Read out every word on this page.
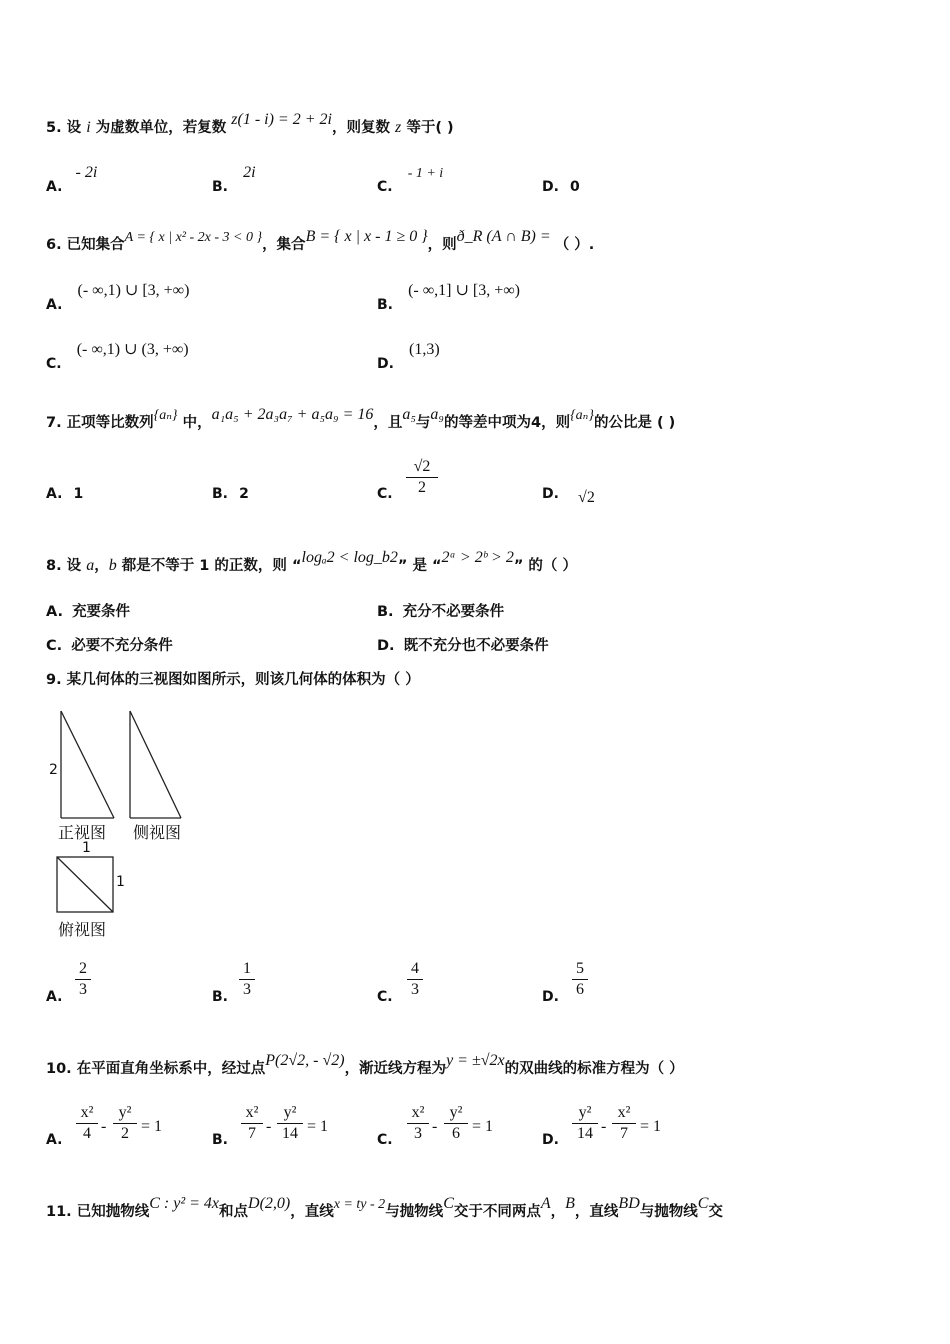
5. 设 i 为虚数单位，若复数 z(1 - i) = 2 + 2i，则复数 z 等于( )
A. - 2i
B. 2i
C. - 1 + i
D. 0
6. 已知集合A = { x | x² - 2x - 3 < 0 }，集合B = { x | x - 1 ≥ 0 }，则ð_R (A ∩ B) = （ ）.
A. (- ∞,1) ∪ [3, +∞)
B. (- ∞,1] ∪ [3, +∞)
C. (- ∞,1) ∪ (3, +∞)
D. (1,3)
7. 正项等比数列{aₙ} 中，a₁a₅ + 2a₃a₇ + a₅a₉ = 16，且a₅与a₉的等差中项为4，则{aₙ}的公比是 ( )
A. 1	B. 2	C.
√2
2	D. √2
8. 设 a，b 都是不等于 1 的正数，则 “logₐ2 < log_b2” 是 “2ᵃ > 2ᵇ > 2” 的（ ）
A. 充要条件	B. 充分不必要条件
C. 必要不充分条件	D. 既不充分也不必要条件
9. 某几何体的三视图如图所示，则该几何体的体积为（ ）
2
正视图 侧视图
1
1
俯视图
A.
2
3	B.
1
3	C.
4
3	D.
5
6
10. 在平面直角坐标系中，经过点P(2√2, - √2)，渐近线方程为y = ±√2x的双曲线的标准方程为（ ）
A.
x²
4 -
y²
2 = 1
B.
x²
7 -
y²
14 = 1
C.
x²
3 -
y²
6 = 1
D.
y²
14 -
x²
7 = 1
11. 已知抛物线C : y² = 4x和点D(2,0)，直线x = ty - 2与抛物线C交于不同两点A，B，直线BD与抛物线C交
